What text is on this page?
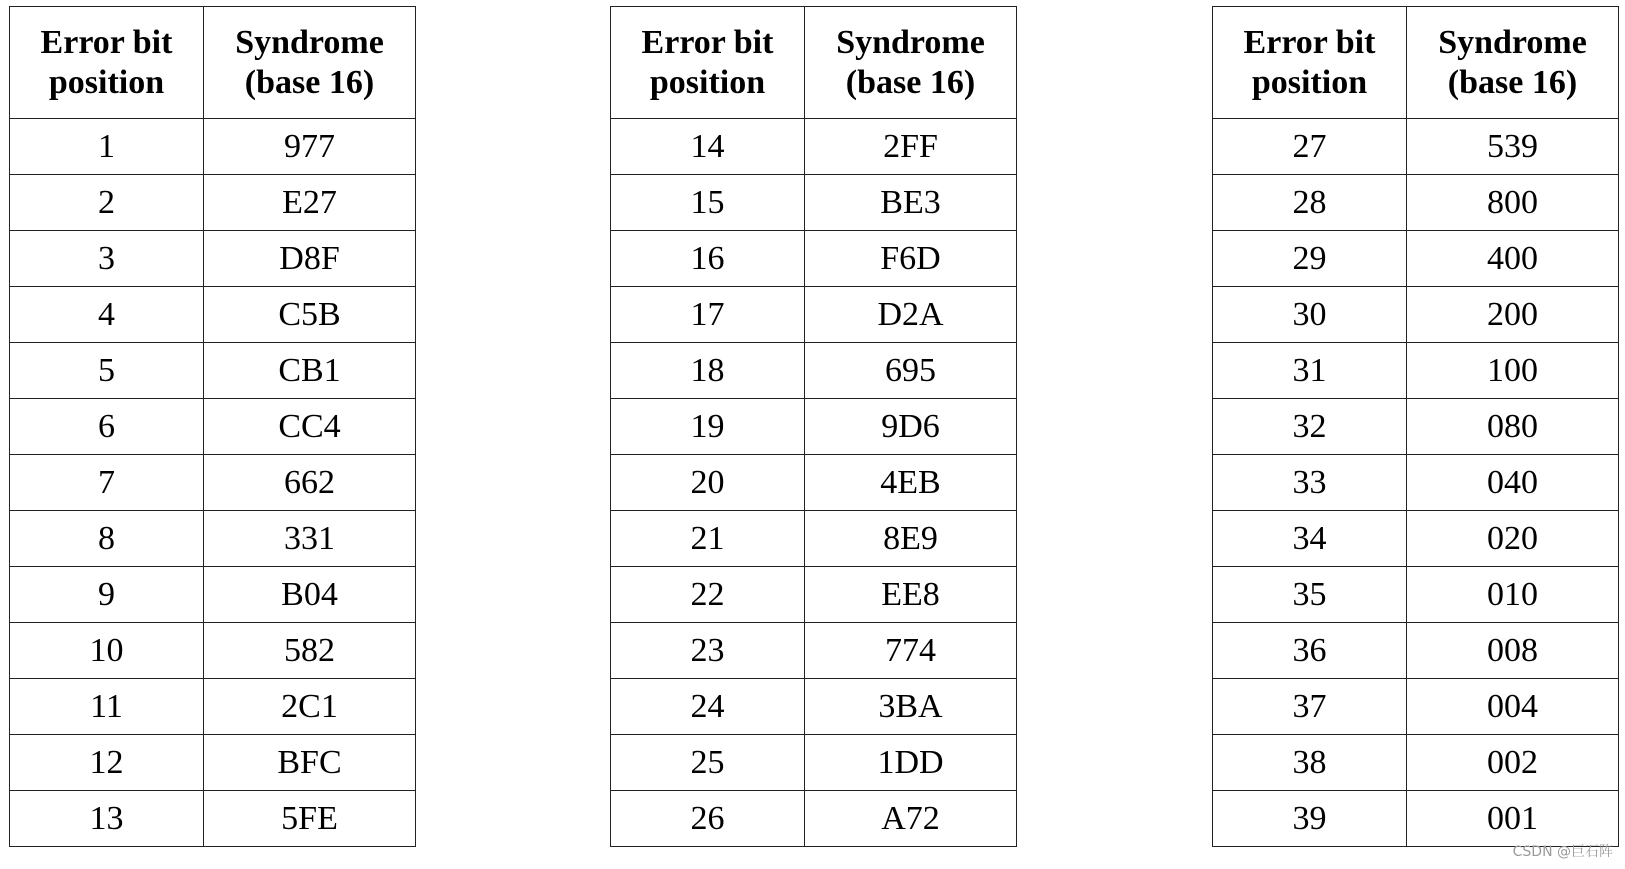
Error bit position	Syndrome (base 16)
1	977
2	E27
3	D8F
4	C5B
5	CB1
6	CC4
7	662
8	331
9	B04
10	582
11	2C1
12	BFC
13	5FE
Error bit position	Syndrome (base 16)
14	2FF
15	BE3
16	F6D
17	D2A
18	695
19	9D6
20	4EB
21	8E9
22	EE8
23	774
24	3BA
25	1DD
26	A72
Error bit position	Syndrome (base 16)
27	539
28	800
29	400
30	200
31	100
32	080
33	040
34	020
35	010
36	008
37	004
38	002
39	001
CSDN @巨石阵
